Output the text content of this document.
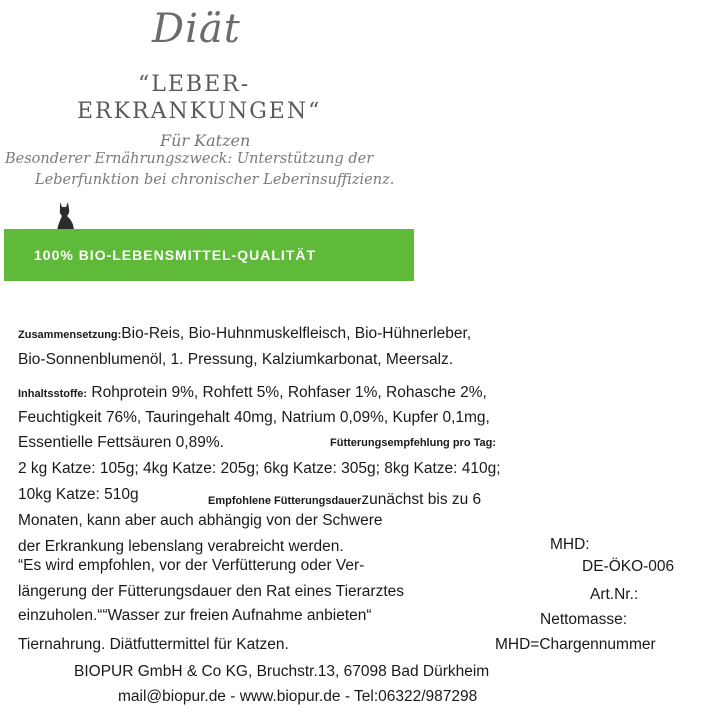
Diät
“LEBER-
ERKRANKUNGEN“
Für Katzen
Besonderer Ernährungszweck: Unterstützung der
Leberfunktion bei chronischer Leberinsuffizienz.
100% BIO-LEBENSMITTEL-QUALITÄT
Zusammensetzung:Bio-Reis, Bio-Huhnmuskelfleisch, Bio-Hühnerleber,
Bio-Sonnenblumenöl, 1. Pressung, Kalziumkarbonat, Meersalz.
Inhaltsstoffe: Rohprotein 9%, Rohfett 5%, Rohfaser 1%, Rohasche 2%,
Feuchtigkeit 76%, Tauringehalt 40mg, Natrium 0,09%, Kupfer 0,1mg,
Essentielle Fettsäuren 0,89%.	Fütterungsempfehlung pro Tag:
2 kg Katze: 105g; 4kg Katze: 205g; 6kg Katze: 305g; 8kg Katze: 410g;
10kg Katze: 510g	Empfohlene Fütterungsdauerzunächst bis zu 6
Monaten, kann aber auch abhängig von der Schwere
der Erkrankung lebenslang verabreicht werden.	MHD:
“Es wird empfohlen, vor der Verfütterung oder Ver-	DE-ÖKO-006
längerung der Fütterungsdauer den Rat eines Tierarztes	Art.Nr.:
einzuholen.““Wasser zur freien Aufnahme anbieten“	Nettomasse:
Tiernahrung. Diätfuttermittel für Katzen.	MHD=Chargennummer
BIOPUR GmbH & Co KG, Bruchstr.13, 67098 Bad Dürkheim
mail@biopur.de - www.biopur.de - Tel:06322/987298
